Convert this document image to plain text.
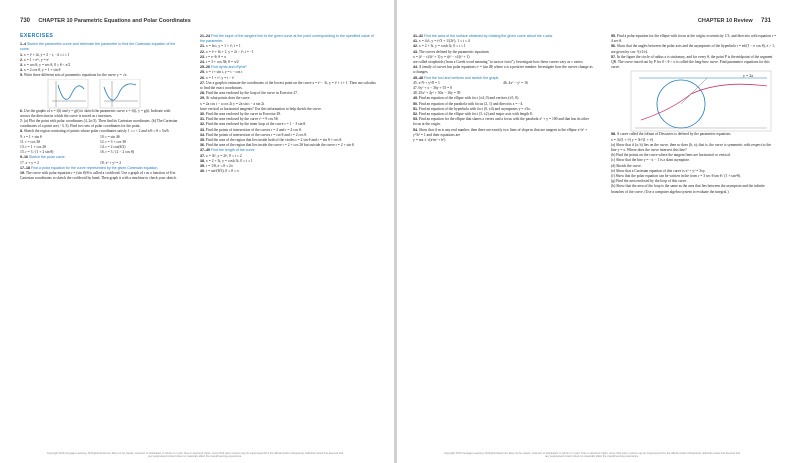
730 CHAPTER 10 Parametric Equations and Polar Coordinates
EXERCISES

1–4 Sketch the parametric curve and eliminate the parameter to find the Cartesian equation of the curve.

1. x = t² + 4t, y = 2 − t, −4 ≤ t ≤ 1

2. x = 1 + e²ᵗ, y = eᵗ

3. x = cos θ, y = sec θ, 0 ≤ θ < π/2

4. x = 2 cos θ, y = 1 + sin θ

5. Write three different sets of parametric equations for the curve y = √x.

6. Use the graphs of x = f(t) and y = g(t) to sketch the parametric curve x = f(t), y = g(t). Indicate with arrows the direction in which the curve is traced as t increases.

7. (a) Plot the point with polar coordinates (4, 2π/3). Then find its Cartesian coordinates. (b) The Cartesian coordinates of a point are (−3, 3). Find two sets of polar coordinates for the point.

8. Sketch the region consisting of points whose polar coordinates satisfy 1 ≤ r < 2 and π/6 ≤ θ ≤ 5π/6.

9. r = 1 + sin θ	10. r = sin 4θ
11. r = cos 3θ	12. r = 3 + cos 3θ
13. r = 1 + cos 2θ	14. r = 2 cos(θ/2)
15. r = 3 / (1 + 2 sin θ)	16. r = 3 / (2 − 2 cos θ)

9–16 Sketch the polar curve.

17. x + y = 2	18. x² + y² = 2

17–18 Find a polar equation for the curve represented by the given Cartesian equation.

19. The curve with polar equation r = (sin θ)/θ is called a cochleoid. Use a graph of r as a function of θ in Cartesian coordinates to sketch the cochleoid by hand. Then graph it with a machine to check your sketch.

21–24 Find the slope of the tangent line to the given curve at the point corresponding to the specified value of the parameter.

21. x = ln t, y = 1 + t²; t = 1

22. x = t³ + 6t + 1, y = 2t − t²; t = −1

23. r = e⁻θ; θ = π

24. r = 3 + cos 3θ; θ = π/2

25–26 Find dy/dx and d²y/dx².

25. x = t + sin t, y = t − cos t

26. x = 1 + t², y = t − t³

27. Use a graph to estimate the coordinates of the lowest point on the curve x = t³ − 3t, y = t² + t + 1. Then use calculus to find the exact coordinates.

28. Find the area enclosed by the loop of the curve in Exercise 27.

29. At what points does the curve

x = 2a cos t − a cos 2t y = 2a sin t − a sin 2t

have vertical or horizontal tangents? Use this information to help sketch the curve.

30. Find the area enclosed by the curve in Exercise 29.

31. Find the area enclosed by the curve r² = 9 cos 5θ.

32. Find the area enclosed by the inner loop of the curve r = 1 − 3 sin θ.

33. Find the points of intersection of the curves r = 2 and r = 4 cos θ.

34. Find the points of intersection of the curves r = cot θ and r = 2 cos θ.

35. Find the area of the region that lies inside both of the circles r = 2 sin θ and r = sin θ + cos θ.

36. Find the area of the region that lies inside the curve r = 2 + cos 2θ but outside the curve r = 2 + sin θ.

37–40 Find the length of the curve.

37. x = 3t², y = 2t³, 0 ≤ t ≤ 2

38. x = 2 + 3t, y = cosh 3t, 0 ≤ t ≤ 1

39. r = 1/θ, π ≤ θ ≤ 2π

40. r = sin³(θ/3), 0 ≤ θ ≤ π

Copyright 2016 Cengage Learning. All Rights Reserved. May not be copied, scanned, or duplicated, in whole or in part. Due to electronic rights, some third party content may be suppressed from the eBook and/or eChapter(s). Editorial review has deemed that any suppressed content does not materially affect the overall learning experience.
CHAPTER 10 Review 731

41–42 Find the area of the surface obtained by rotating the given curve about the x-axis.

41. x = 4√t, y = t³/3 + 1/(2t²), 1 ≤ t ≤ 4

42. x = 2 + 3t, y = cosh 3t, 0 ≤ t ≤ 1

43. The curves defined by the parametric equations

x = (t² − c)/(t² + 1) y = t(t² − c)/(t² + 1)

are called strophoids (from a Greek word meaning "to turn or twist"). Investigate how these curves vary as c varies.

44. A family of curves has polar equations rᵃ = |sin 2θ| where a is a positive number. Investigate how the curves change as a changes.

45–48 Find the foci and vertices and sketch the graph.

45. x²/9 + y²/8 = 1	46. 4x² − y² = 16
47. 6y² + x − 36y + 55 = 0
48. 25x² + 4y² + 50x − 16y = 59

49. Find an equation of the ellipse with foci (±4, 0) and vertices (±5, 0).

50. Find an equation of the parabola with focus (2, 1) and directrix x = −4.

51. Find an equation of the hyperbola with foci (0, ±4) and asymptotes y = ±3x.

52. Find an equation of the ellipse with foci (3, ±2) and major axis with length 8.

53. Find an equation for the ellipse that shares a vertex and a focus with the parabola x² + y = 100 and that has its other focus at the origin.

54. Show that if m is any real number, then there are exactly two lines of slope m that are tangent to the ellipse x²/a² + y²/b² = 1 and their equations are

y = mx ± √(a²m² + b²)

55. Find a polar equation for the ellipse with focus at the origin, eccentricity 1/3, and directrix with equation r = 4 sec θ.

56. Show that the angles between the polar axis and the asymptotes of the hyperbola r = ed/(1 − e cos θ), e > 1, are given by cos⁻¹(±1/e).

57. In the figure the circle of radius a is stationary, and for every θ, the point P is the midpoint of the segment QR. The curve traced out by P for 0 < θ < π is called the long-bow curve. Find parametric equations for this curve.

y = 2a

58. A curve called the folium of Descartes is defined by the parametric equations

x = 3t/(1 + t³) y = 3t²/(1 + t³)

(a) Show that if (a, b) lies on the curve, then so does (b, a); that is, the curve is symmetric with respect to the line y = x. Where does the curve intersect this line?

(b) Find the points on the curve where the tangent lines are horizontal or vertical.

(c) Show that the line y = −x − 1 is a slant asymptote.

(d) Sketch the curve.

(e) Show that a Cartesian equation of this curve is x³ + y³ = 3xy.

(f) Show that the polar equation can be written in the form r = 3 sec θ tan θ / (1 + tan³θ).

(g) Find the area enclosed by the loop of this curve.

(h) Show that the area of the loop is the same as the area that lies between the asymptote and the infinite branches of the curve. (Use a computer algebra system to evaluate the integral.)

Copyright 2016 Cengage Learning. All Rights Reserved. May not be copied, scanned, or duplicated, in whole or in part. Due to electronic rights, some third party content may be suppressed from the eBook and/or eChapter(s). Editorial review has deemed that any suppressed content does not materially affect the overall learning experience.
